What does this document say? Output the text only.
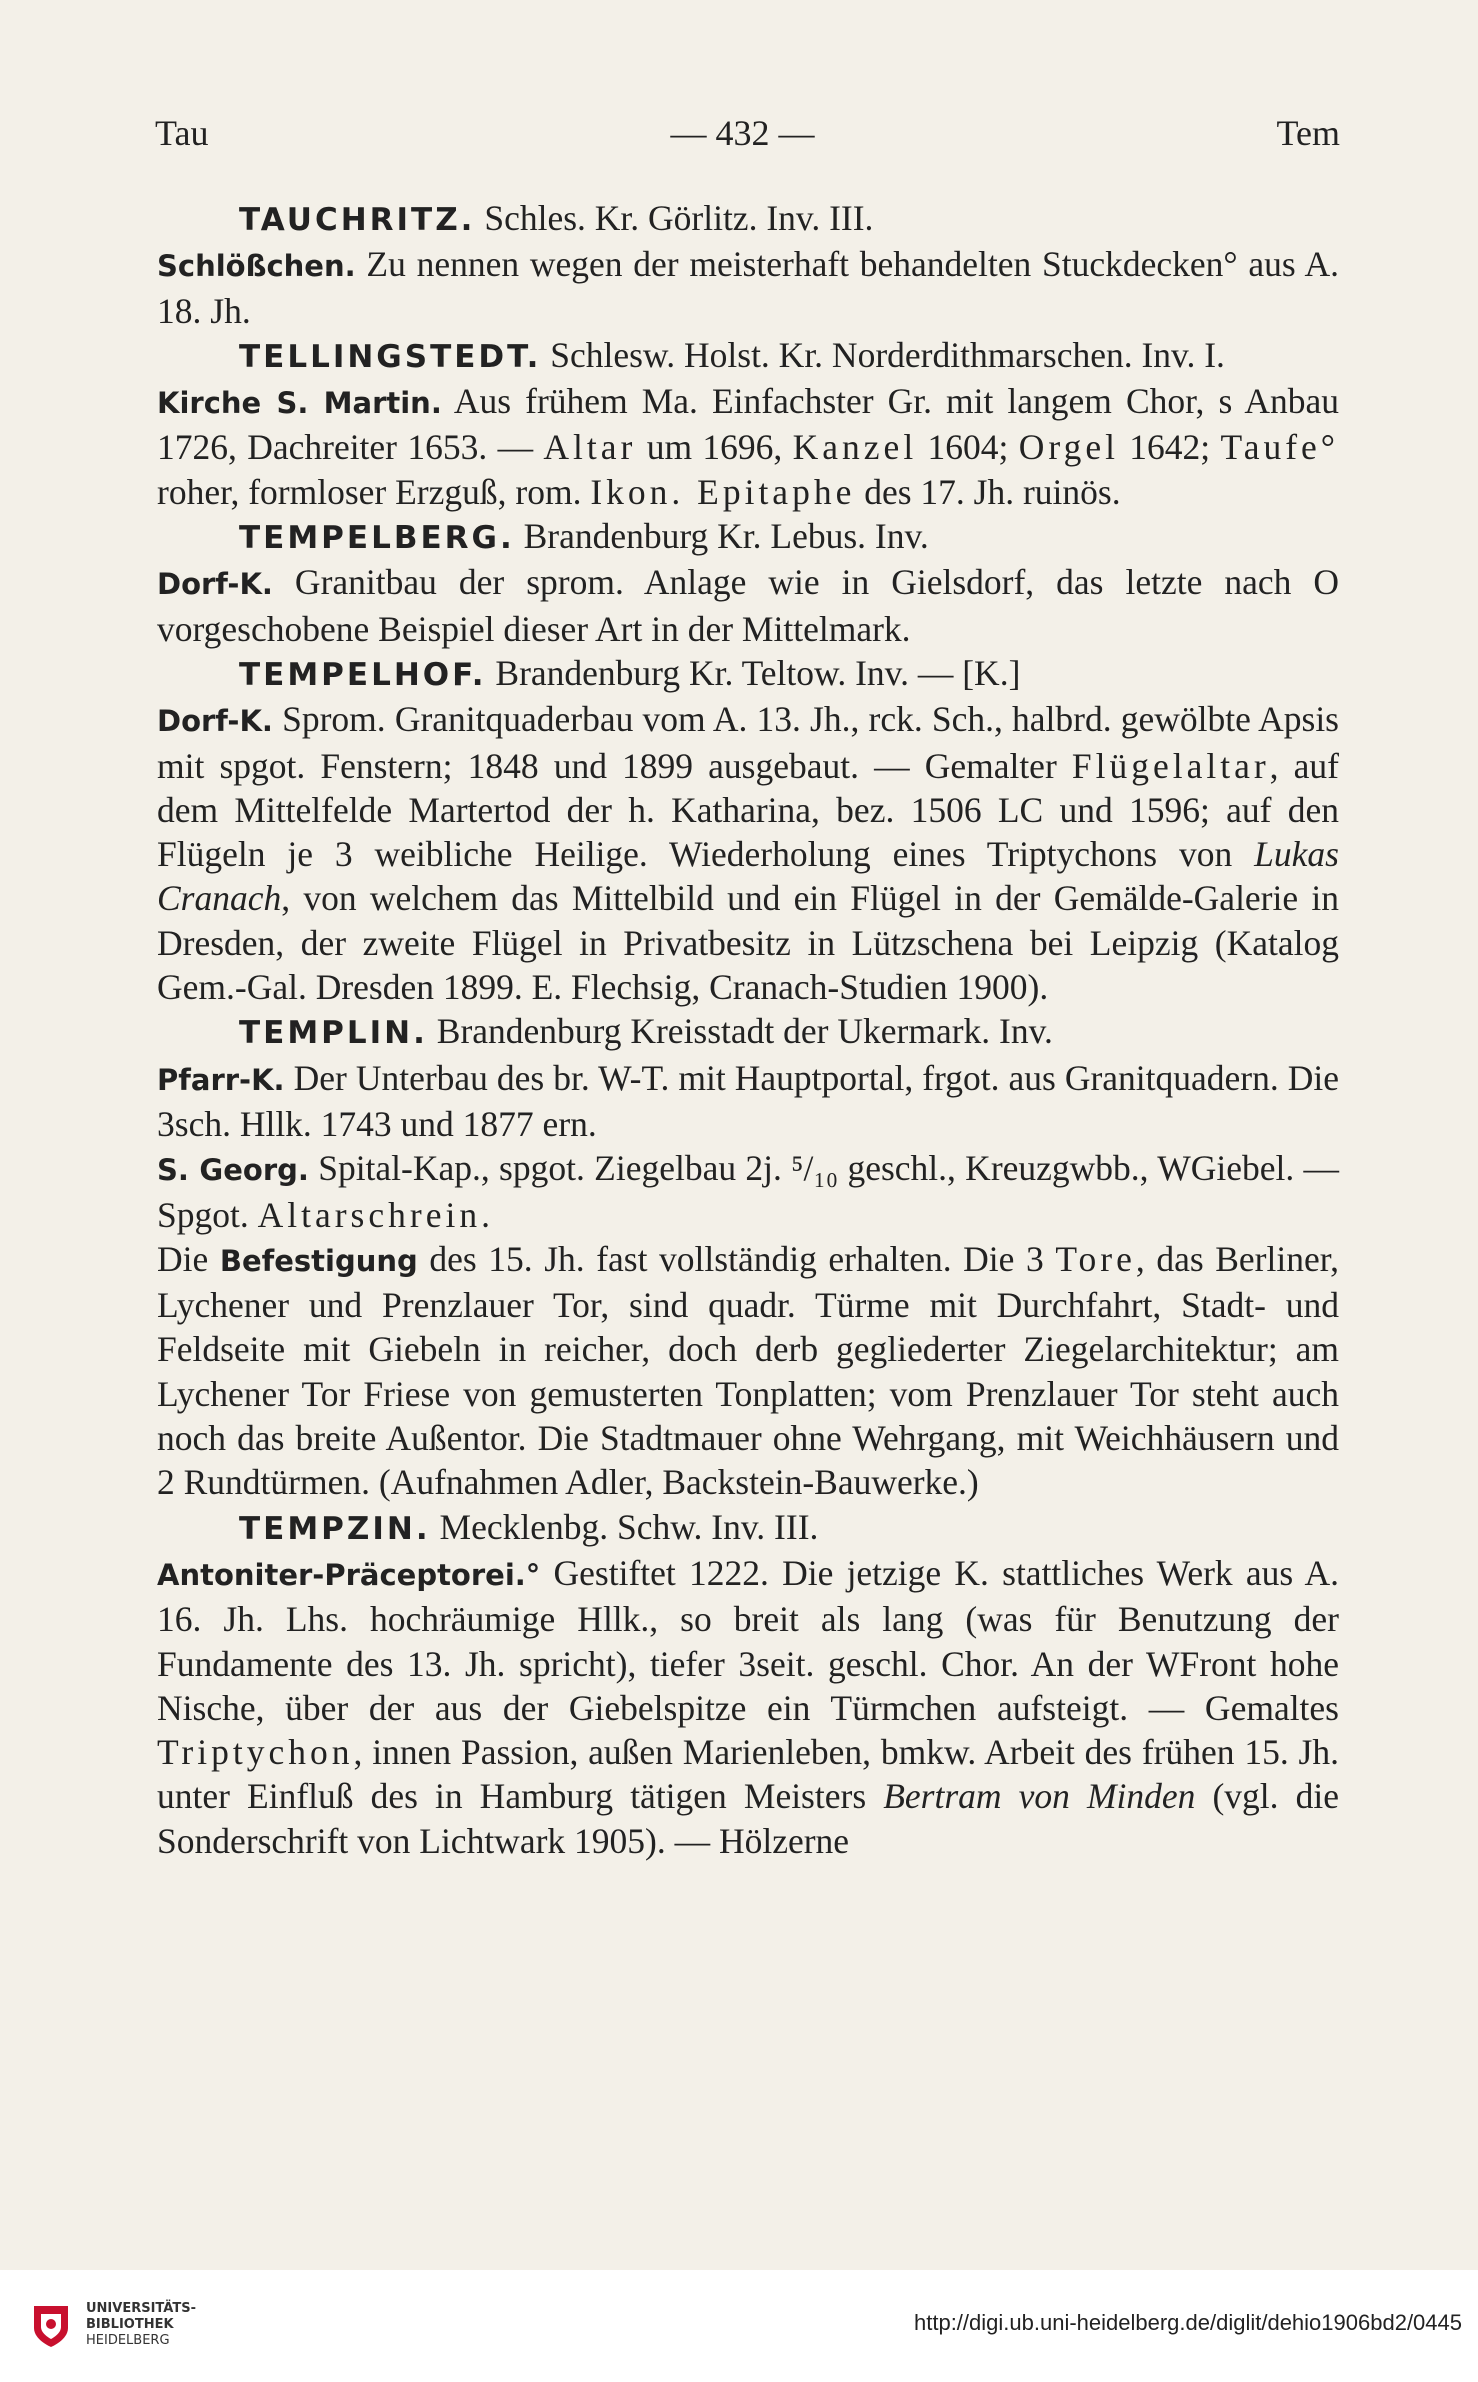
Tau	— 432 —	Tem

TAUCHRITZ. Schles. Kr. Görlitz. Inv. III.

Schlößchen. Zu nennen wegen der meisterhaft behandelten Stuckdecken° aus A. 18. Jh.

TELLINGSTEDT. Schlesw. Holst. Kr. Norderdithmarschen. Inv. I.

Kirche S. Martin. Aus frühem Ma. Einfachster Gr. mit langem Chor, s Anbau 1726, Dachreiter 1653. — Altar um 1696, Kanzel 1604; Orgel 1642; Taufe° roher, formloser Erzguß, rom. Ikon. Epitaphe des 17. Jh. ruinös.

TEMPELBERG. Brandenburg Kr. Lebus. Inv.

Dorf-K. Granitbau der sprom. Anlage wie in Gielsdorf, das letzte nach O vorgeschobene Beispiel dieser Art in der Mittelmark.

TEMPELHOF. Brandenburg Kr. Teltow. Inv. — [K.]

Dorf-K. Sprom. Granitquaderbau vom A. 13. Jh., rck. Sch., halbrd. gewölbte Apsis mit spgot. Fenstern; 1848 und 1899 ausgebaut. — Gemalter Flügelaltar, auf dem Mittelfelde Martertod der h. Katharina, bez. 1506 LC und 1596; auf den Flügeln je 3 weibliche Heilige. Wiederholung eines Triptychons von Lukas Cranach, von welchem das Mittelbild und ein Flügel in der Gemälde-Galerie in Dresden, der zweite Flügel in Privatbesitz in Lützschena bei Leipzig (Katalog Gem.-Gal. Dresden 1899. E. Flechsig, Cranach-Studien 1900).

TEMPLIN. Brandenburg Kreisstadt der Ukermark. Inv.

Pfarr-K. Der Unterbau des br. W-T. mit Hauptportal, frgot. aus Granitquadern. Die 3sch. Hllk. 1743 und 1877 ern.

S. Georg. Spital-Kap., spgot. Ziegelbau 2j. ⁵/₁₀ geschl., Kreuzgwbb., WGiebel. — Spgot. Altarschrein.

Die Befestigung des 15. Jh. fast vollständig erhalten. Die 3 Tore, das Berliner, Lychener und Prenzlauer Tor, sind quadr. Türme mit Durchfahrt, Stadt- und Feldseite mit Giebeln in reicher, doch derb gegliederter Ziegelarchitektur; am Lychener Tor Friese von gemusterten Tonplatten; vom Prenzlauer Tor steht auch noch das breite Außentor. Die Stadtmauer ohne Wehrgang, mit Weichhäusern und 2 Rundtürmen. (Aufnahmen Adler, Backstein-Bauwerke.)

TEMPZIN. Mecklenbg. Schw. Inv. III.

Antoniter-Präceptorei.° Gestiftet 1222. Die jetzige K. stattliches Werk aus A. 16. Jh. Lhs. hochräumige Hllk., so breit als lang (was für Benutzung der Fundamente des 13. Jh. spricht), tiefer 3seit. geschl. Chor. An der WFront hohe Nische, über der aus der Giebelspitze ein Türmchen aufsteigt. — Gemaltes Triptychon, innen Passion, außen Marienleben, bmkw. Arbeit des frühen 15. Jh. unter Einfluß des in Hamburg tätigen Meisters Bertram von Minden (vgl. die Sonderschrift von Lichtwark 1905). — Hölzerne

UNIVERSITÄTS-
BIBLIOTHEK
HEIDELBERG
http://digi.ub.uni-heidelberg.de/diglit/dehio1906bd2/0445
